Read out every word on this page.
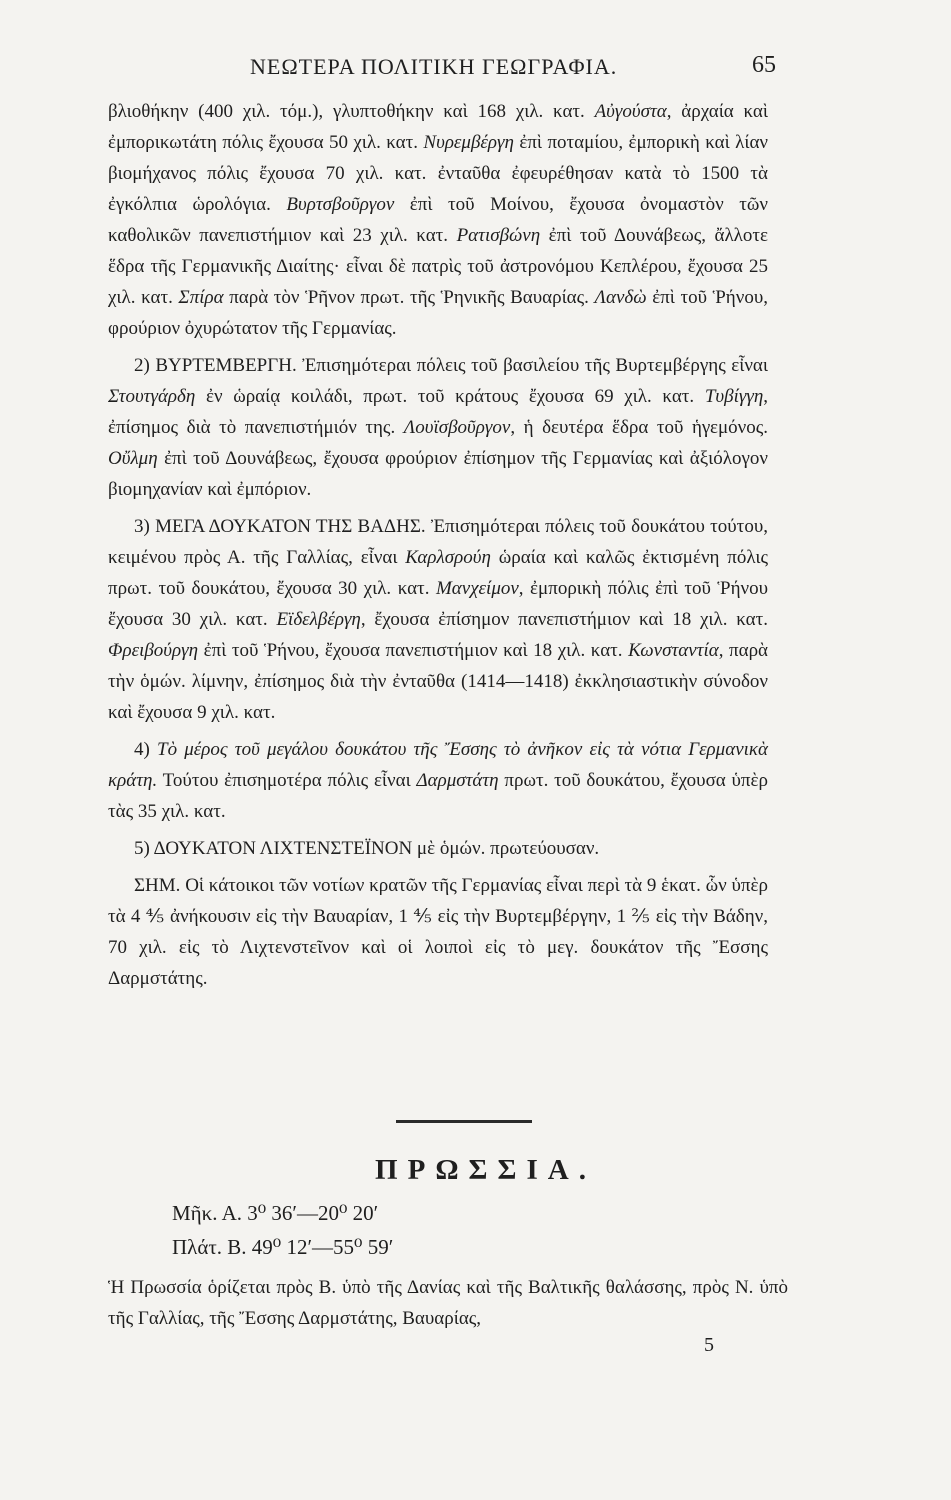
ΝΕΩΤΕΡΑ ΠΟΛΙΤΙΚΗ ΓΕΩΓΡΑΦΙΑ.	65

βλιοθήκην (400 χιλ. τόμ.), γλυπτοθήκην καὶ 168 χιλ. κατ. Αὐγούστα, ἀρχαία καὶ ἐμπορικωτάτη πόλις ἔχουσα 50 χιλ. κατ. Νυρεμβέργη ἐπὶ ποταμίου, ἐμπορικὴ καὶ λίαν βιομήχανος πόλις ἔχουσα 70 χιλ. κατ. ἐνταῦθα ἐφευρέθησαν κατὰ τὸ 1500 τὰ ἐγκόλπια ὡρολόγια. Βυρτσβοῦργον ἐπὶ τοῦ Μοίνου, ἔχουσα ὀνομαστὸν τῶν καθολικῶν πανεπιστήμιον καὶ 23 χιλ. κατ. Ρατισβώνη ἐπὶ τοῦ Δουνάβεως, ἄλλοτε ἕδρα τῆς Γερμανικῆς Διαίτης· εἶναι δὲ πατρὶς τοῦ ἀστρονόμου Κεπλέρου, ἔχουσα 25 χιλ. κατ. Σπίρα παρὰ τὸν Ῥῆνον πρωτ. τῆς Ῥηνικῆς Βαυαρίας. Λανδὼ ἐπὶ τοῦ Ῥήνου, φρούριον ὀχυρώτατον τῆς Γερμανίας.

2) ΒΥΡΤΕΜΒΕΡΓΗ. Ἐπισημότεραι πόλεις τοῦ βασιλείου τῆς Βυρτεμβέργης εἶναι Στουτγάρδη ἐν ὡραίᾳ κοιλάδι, πρωτ. τοῦ κράτους ἔχουσα 69 χιλ. κατ. Τυβίγγη, ἐπίσημος διὰ τὸ πανεπιστήμιόν της. Λουϊσβοῦργον, ἡ δευτέρα ἕδρα τοῦ ἡγεμόνος. Οὔλμη ἐπὶ τοῦ Δουνάβεως, ἔχουσα φρούριον ἐπίσημον τῆς Γερμανίας καὶ ἀξιόλογον βιομηχανίαν καὶ ἐμπόριον.

3) ΜΕΓΑ ΔΟΥΚΑΤΟΝ ΤΗΣ ΒΑΔΗΣ. Ἐπισημότεραι πόλεις τοῦ δουκάτου τούτου, κειμένου πρὸς Α. τῆς Γαλλίας, εἶναι Καρλσρούη ὡραία καὶ καλῶς ἐκτισμένη πόλις πρωτ. τοῦ δουκάτου, ἔχουσα 30 χιλ. κατ. Μανχείμον, ἐμπορικὴ πόλις ἐπὶ τοῦ Ῥήνου ἔχουσα 30 χιλ. κατ. Εϊδελβέργη, ἔχουσα ἐπίσημον πανεπιστήμιον καὶ 18 χιλ. κατ. Φρειβούργη ἐπὶ τοῦ Ῥήνου, ἔχουσα πανεπιστήμιον καὶ 18 χιλ. κατ. Κωνσταντία, παρὰ τὴν ὁμών. λίμνην, ἐπίσημος διὰ τὴν ἐνταῦθα (1414—1418) ἐκκλησιαστικὴν σύνοδον καὶ ἔχουσα 9 χιλ. κατ.

4) Τὸ μέρος τοῦ μεγάλου δουκάτου τῆς Ἔσσης τὸ ἀνῆκον εἰς τὰ νότια Γερμανικὰ κράτη. Τούτου ἐπισημοτέρα πόλις εἶναι Δαρμστάτη πρωτ. τοῦ δουκάτου, ἔχουσα ὑπὲρ τὰς 35 χιλ. κατ.

5) ΔΟΥΚΑΤΟΝ ΛΙΧΤΕΝΣΤΕΪΝΟΝ μὲ ὁμών. πρωτεύουσαν.

ΣΗΜ. Οἱ κάτοικοι τῶν νοτίων κρατῶν τῆς Γερμανίας εἶναι περὶ τὰ 9 ἑκατ. ὧν ὑπὲρ τὰ 4 ⅘ ἀνήκουσιν εἰς τὴν Βαυαρίαν, 1 ⅘ εἰς τὴν Βυρτεμβέργην, 1 ⅖ εἰς τὴν Βάδην, 70 χιλ. εἰς τὸ Λιχτενστεῖνον καὶ οἱ λοιποὶ εἰς τὸ μεγ. δουκάτον τῆς Ἔσσης Δαρμστάτης.

ΠΡΩΣΣΙΑ.
Μῆκ. Α. 3⁰ 36′—20⁰ 20′
Πλάτ. Β. 49⁰ 12′—55⁰ 59′
Ἡ Πρωσσία ὁρίζεται πρὸς Β. ὑπὸ τῆς Δανίας καὶ τῆς Βαλτικῆς θαλάσσης, πρὸς Ν. ὑπὸ τῆς Γαλλίας, τῆς Ἔσσης Δαρμστάτης, Βαυαρίας,
5
